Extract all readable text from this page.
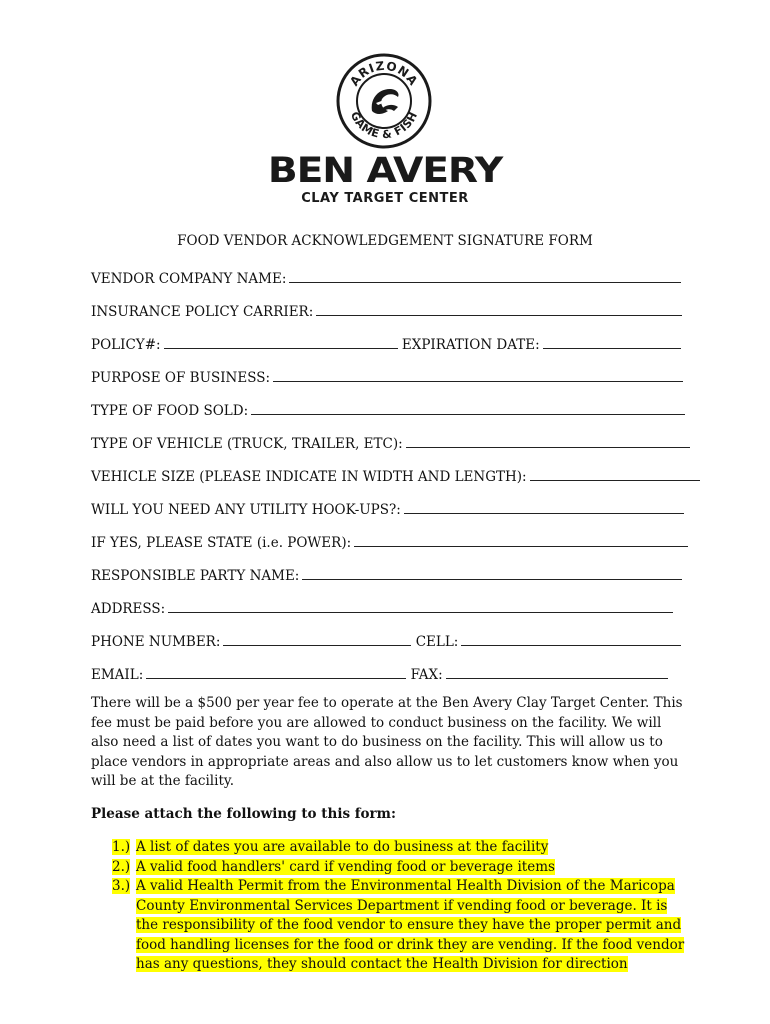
ARIZONA
GAME & FISH
BEN AVERY
CLAY TARGET CENTER
FOOD VENDOR ACKNOWLEDGEMENT SIGNATURE FORM
VENDOR COMPANY NAME:
INSURANCE POLICY CARRIER:
POLICY#:	EXPIRATION DATE:
PURPOSE OF BUSINESS:
TYPE OF FOOD SOLD:
TYPE OF VEHICLE (TRUCK, TRAILER, ETC):
VEHICLE SIZE (PLEASE INDICATE IN WIDTH AND LENGTH):
WILL YOU NEED ANY UTILITY HOOK-UPS?:
IF YES, PLEASE STATE (i.e. POWER):
RESPONSIBLE PARTY NAME:
ADDRESS:
PHONE NUMBER:	CELL:
EMAIL:	FAX:
There will be a $500 per year fee to operate at the Ben Avery Clay Target Center. This fee must be paid before you are allowed to conduct business on the facility. We will also need a list of dates you want to do business on the facility. This will allow us to place vendors in appropriate areas and also allow us to let customers know when you will be at the facility.
Please attach the following to this form:
1.) A list of dates you are available to do business at the facility
2.) A valid food handlers' card if vending food or beverage items
3.) A valid Health Permit from the Environmental Health Division of the Maricopa County Environmental Services Department if vending food or beverage. It is the responsibility of the food vendor to ensure they have the proper permit and food handling licenses for the food or drink they are vending. If the food vendor has any questions, they should contact the Health Division for direction
